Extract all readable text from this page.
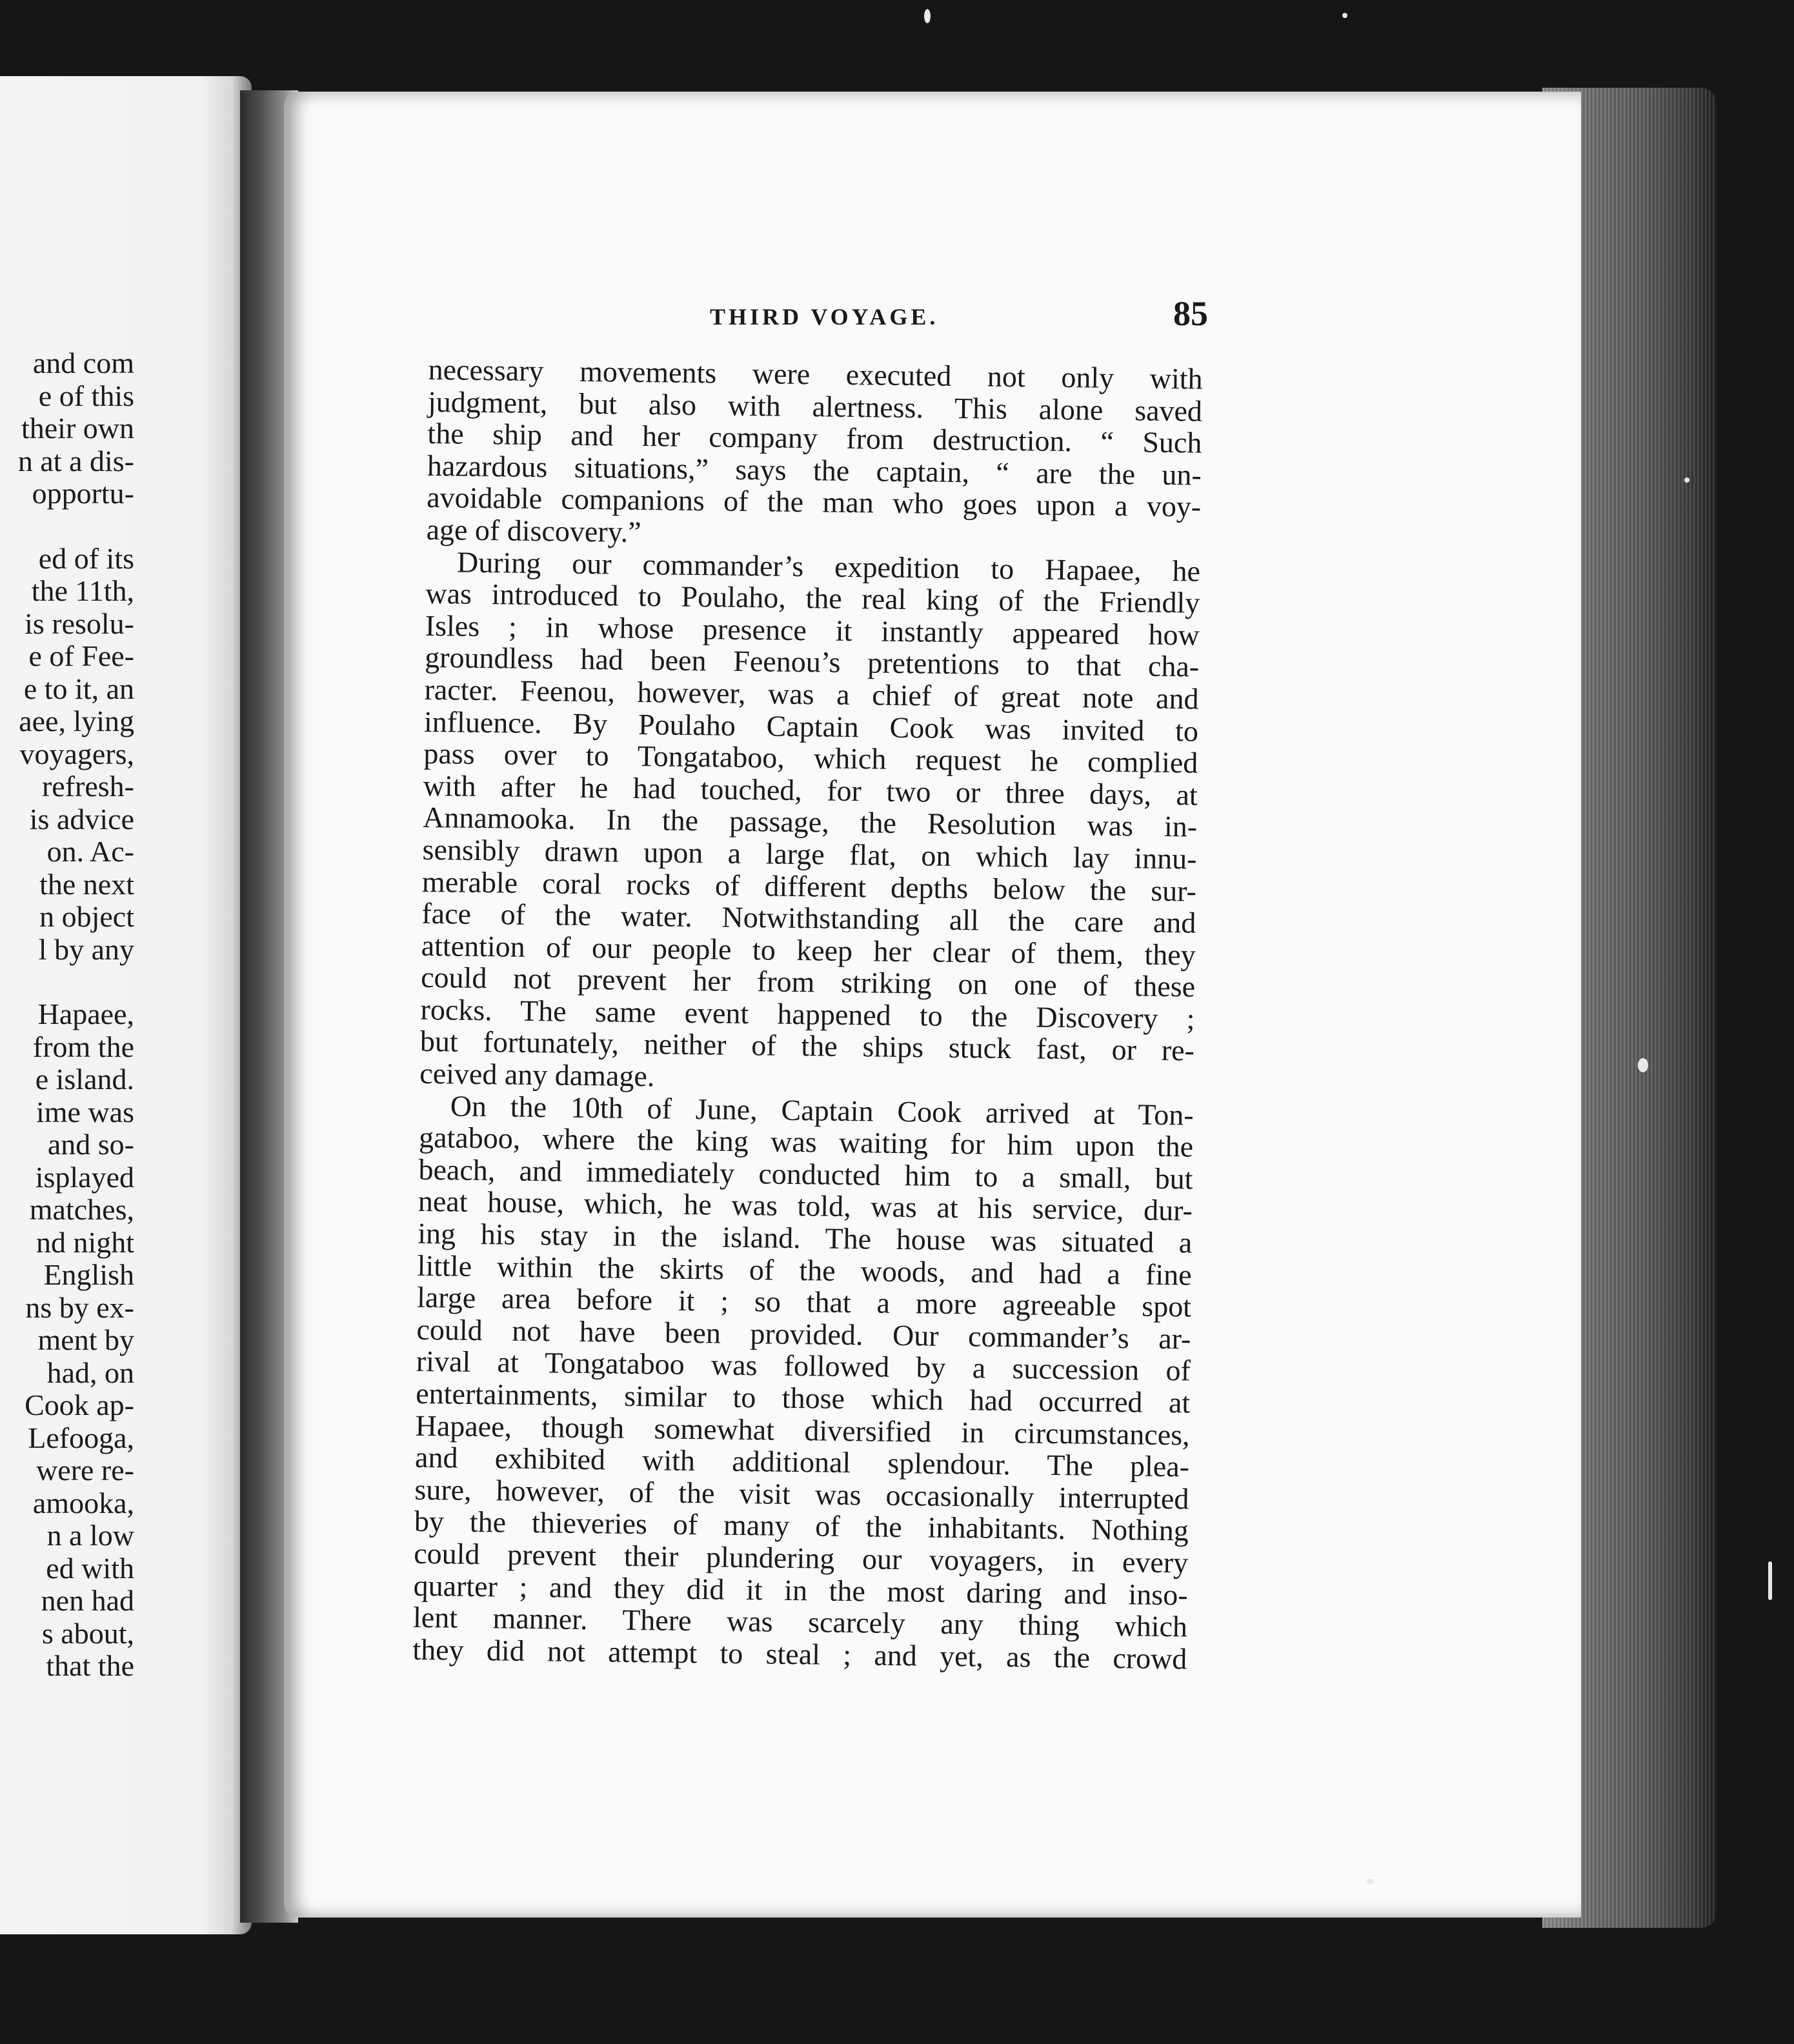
and com
e of this
their own
n at a dis-
opportu-
ed of its
the 11th,
is resolu-
e of Fee-
e to it, an
aee, lying
voyagers,
refresh-
is advice
on. Ac-
the next
n object
l by any
Hapaee,
from the
e island.
ime was
and so-
isplayed
matches,
nd night
English
ns by ex-
ment by
had, on
Cook ap-
Lefooga,
were re-
amooka,
n a low
ed with
nen had
s about,
that the
THIRD VOYAGE.	85
necessary movements were executed not only with
judgment, but also with alertness. This alone saved
the ship and her company from destruction. “ Such
hazardous situations,” says the captain, “ are the un-
avoidable companions of the man who goes upon a voy-
age of discovery.”
During our commander’s expedition to Hapaee, he
was introduced to Poulaho, the real king of the Friendly
Isles ; in whose presence it instantly appeared how
groundless had been Feenou’s pretentions to that cha-
racter. Feenou, however, was a chief of great note and
influence. By Poulaho Captain Cook was invited to
pass over to Tongataboo, which request he complied
with after he had touched, for two or three days, at
Annamooka. In the passage, the Resolution was in-
sensibly drawn upon a large flat, on which lay innu-
merable coral rocks of different depths below the sur-
face of the water. Notwithstanding all the care and
attention of our people to keep her clear of them, they
could not prevent her from striking on one of these
rocks. The same event happened to the Discovery ;
but fortunately, neither of the ships stuck fast, or re-
ceived any damage.
On the 10th of June, Captain Cook arrived at Ton-
gataboo, where the king was waiting for him upon the
beach, and immediately conducted him to a small, but
neat house, which, he was told, was at his service, dur-
ing his stay in the island. The house was situated a
little within the skirts of the woods, and had a fine
large area before it ; so that a more agreeable spot
could not have been provided. Our commander’s ar-
rival at Tongataboo was followed by a succession of
entertainments, similar to those which had occurred at
Hapaee, though somewhat diversified in circumstances,
and exhibited with additional splendour. The plea-
sure, however, of the visit was occasionally interrupted
by the thieveries of many of the inhabitants. Nothing
could prevent their plundering our voyagers, in every
quarter ; and they did it in the most daring and inso-
lent manner. There was scarcely any thing which
they did not attempt to steal ; and yet, as the crowd
